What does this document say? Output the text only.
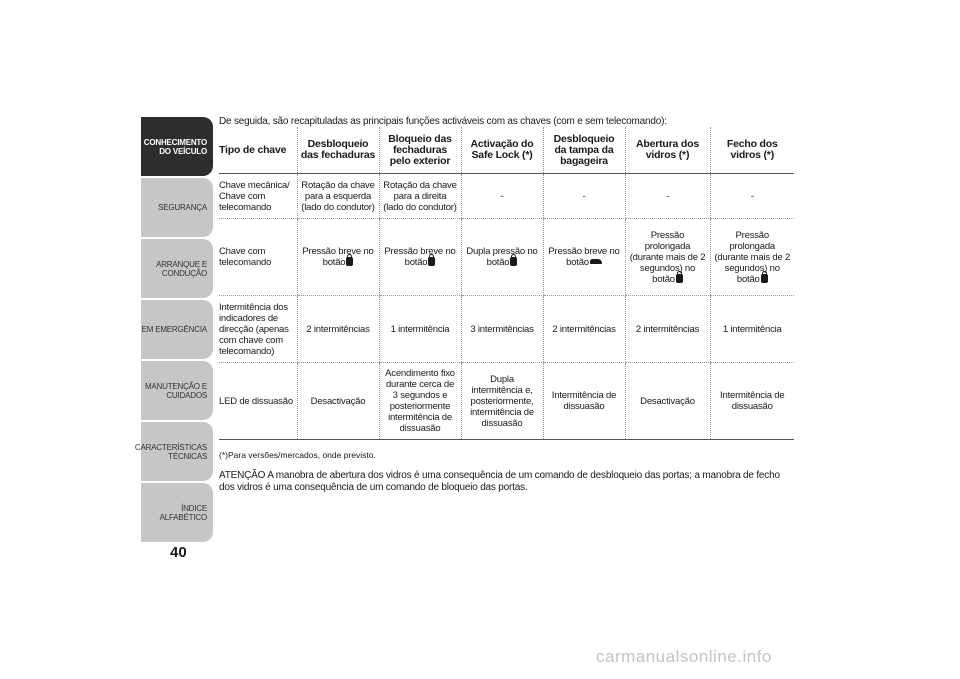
CONHECIMENTO
DO VEÍCULO
SEGURANÇA
ARRANQUE E
CONDUÇÃO
EM EMERGÊNCIA
MANUTENÇÃO E
CUIDADOS
CARACTERÍSTICAS
TÉCNICAS
ÍNDICE ALFABÉTICO
40
De seguida, são recapituladas as principais funções activáveis com as chaves (com e sem telecomando):
Tipo de chave	Desbloqueio das fechaduras	Bloqueio das fechaduras pelo exterior	Activação do Safe Lock (*)	Desbloqueio da tampa da bagageira	Abertura dos vidros (*)	Fecho dos vidros (*)
Chave mecânica/ Chave com telecomando	Rotação da chave para a esquerda (lado do condutor)	Rotação da chave para a direita (lado do condutor)	-	-	-	-
Chave com telecomando	Pressão breve no botão	Pressão breve no botão	Dupla pressão no botão	Pressão breve no botão	Pressão prolongada (durante mais de 2 segundos) no botão	Pressão prolongada (durante mais de 2 segundos) no botão
Intermitência dos indicadores de direcção (apenas com chave com telecomando)	2 intermitências	1 intermitência	3 intermitências	2 intermitências	2 intermitências	1 intermitência
LED de dissuasão	Desactivação	Acendimento fixo durante cerca de 3 segundos e posteriormente intermitência de dissuasão	Dupla intermitência e, posteriormente, intermitência de dissuasão	Intermitência de dissuasão	Desactivação	Intermitência de dissuasão
(*)Para versões/mercados, onde previsto.
ATENÇÃO A manobra de abertura dos vidros é uma consequência de um comando de desbloqueio das portas; a manobra de fecho dos vidros é uma consequência de um comando de bloqueio das portas.
carmanualsonline.info
